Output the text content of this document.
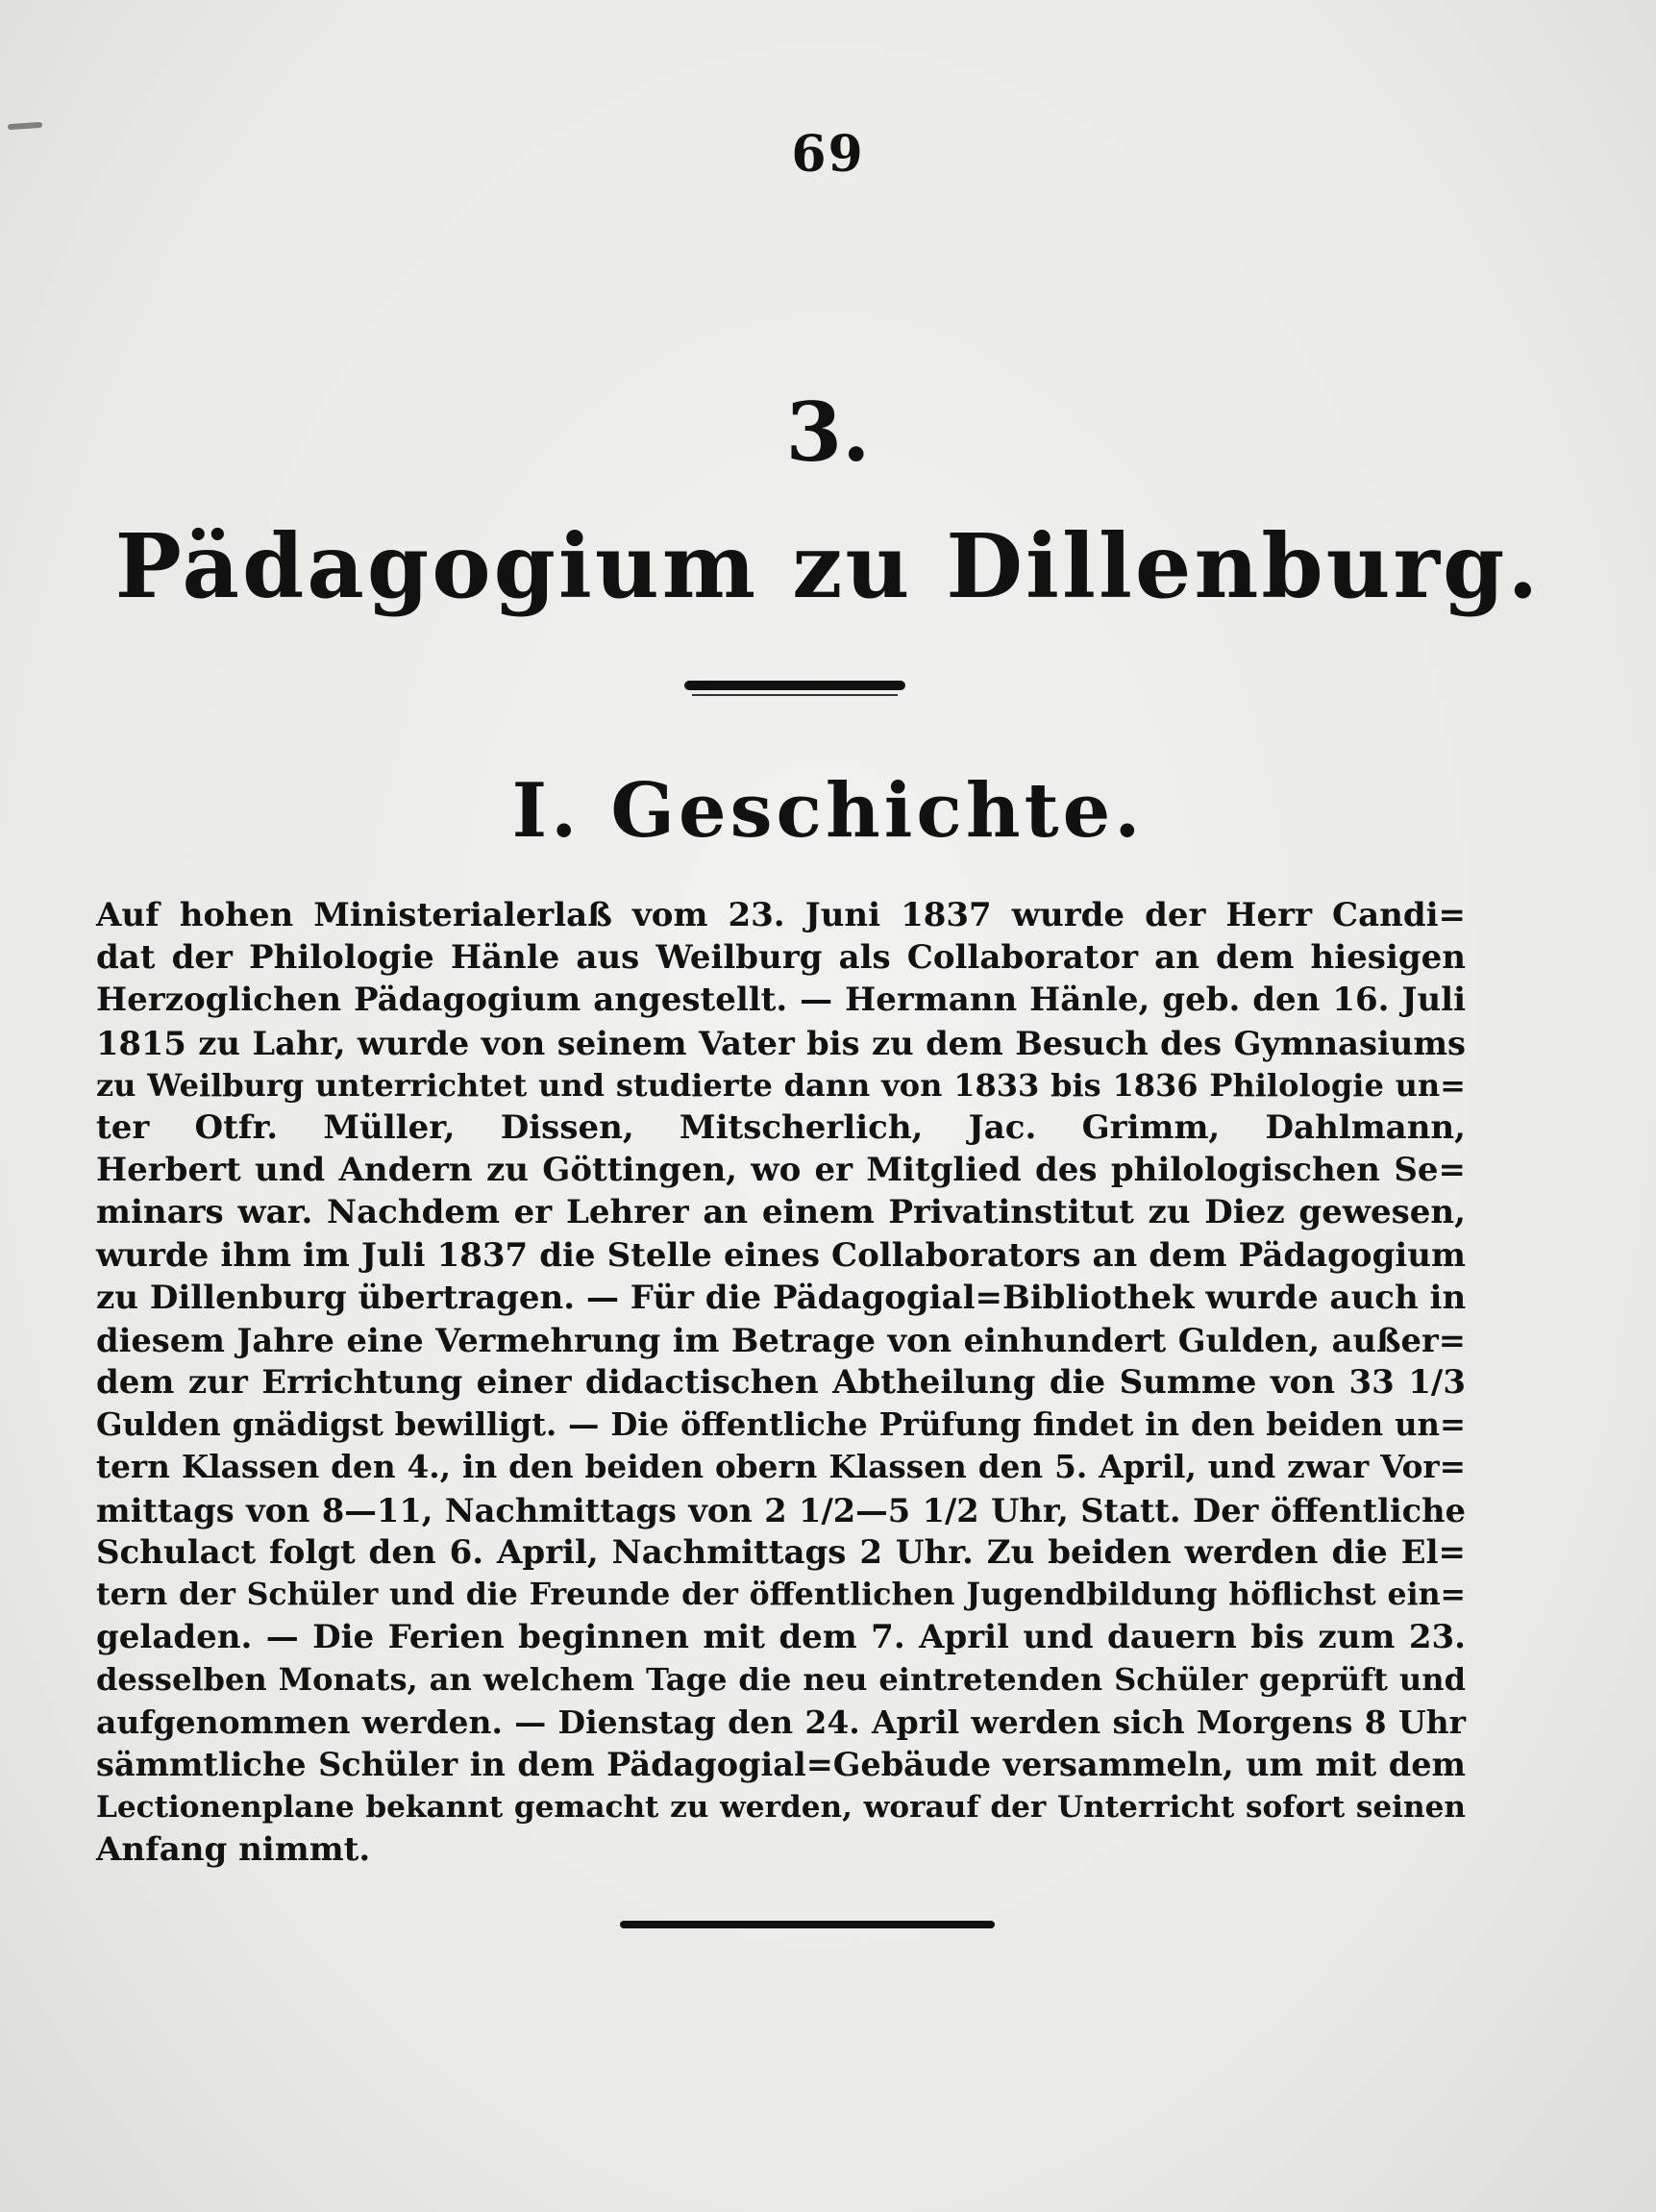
69
3.
Pädagogium zu Dillenburg.
I. Geschichte.
Auf hohen Ministerialerlaß vom 23. Juni 1837 wurde der Herr Candi=
dat der Philologie Hänle aus Weilburg als Collaborator an dem hiesigen
Herzoglichen Pädagogium angestellt. — Hermann Hänle, geb. den 16. Juli
1815 zu Lahr, wurde von seinem Vater bis zu dem Besuch des Gymnasiums
zu Weilburg unterrichtet und studierte dann von 1833 bis 1836 Philologie un=
ter Otfr. Müller, Dissen, Mitscherlich, Jac. Grimm, Dahlmann,
Herbert und Andern zu Göttingen, wo er Mitglied des philologischen Se=
minars war. Nachdem er Lehrer an einem Privatinstitut zu Diez gewesen,
wurde ihm im Juli 1837 die Stelle eines Collaborators an dem Pädagogium
zu Dillenburg übertragen. — Für die Pädagogial=Bibliothek wurde auch in
diesem Jahre eine Vermehrung im Betrage von einhundert Gulden, außer=
dem zur Errichtung einer didactischen Abtheilung die Summe von 33 1/3
Gulden gnädigst bewilligt. — Die öffentliche Prüfung findet in den beiden un=
tern Klassen den 4., in den beiden obern Klassen den 5. April, und zwar Vor=
mittags von 8—11, Nachmittags von 2 1/2—5 1/2 Uhr, Statt. Der öffentliche
Schulact folgt den 6. April, Nachmittags 2 Uhr. Zu beiden werden die El=
tern der Schüler und die Freunde der öffentlichen Jugendbildung höflichst ein=
geladen. — Die Ferien beginnen mit dem 7. April und dauern bis zum 23.
desselben Monats, an welchem Tage die neu eintretenden Schüler geprüft und
aufgenommen werden. — Dienstag den 24. April werden sich Morgens 8 Uhr
sämmtliche Schüler in dem Pädagogial=Gebäude versammeln, um mit dem
Lectionenplane bekannt gemacht zu werden, worauf der Unterricht sofort seinen
Anfang nimmt.
